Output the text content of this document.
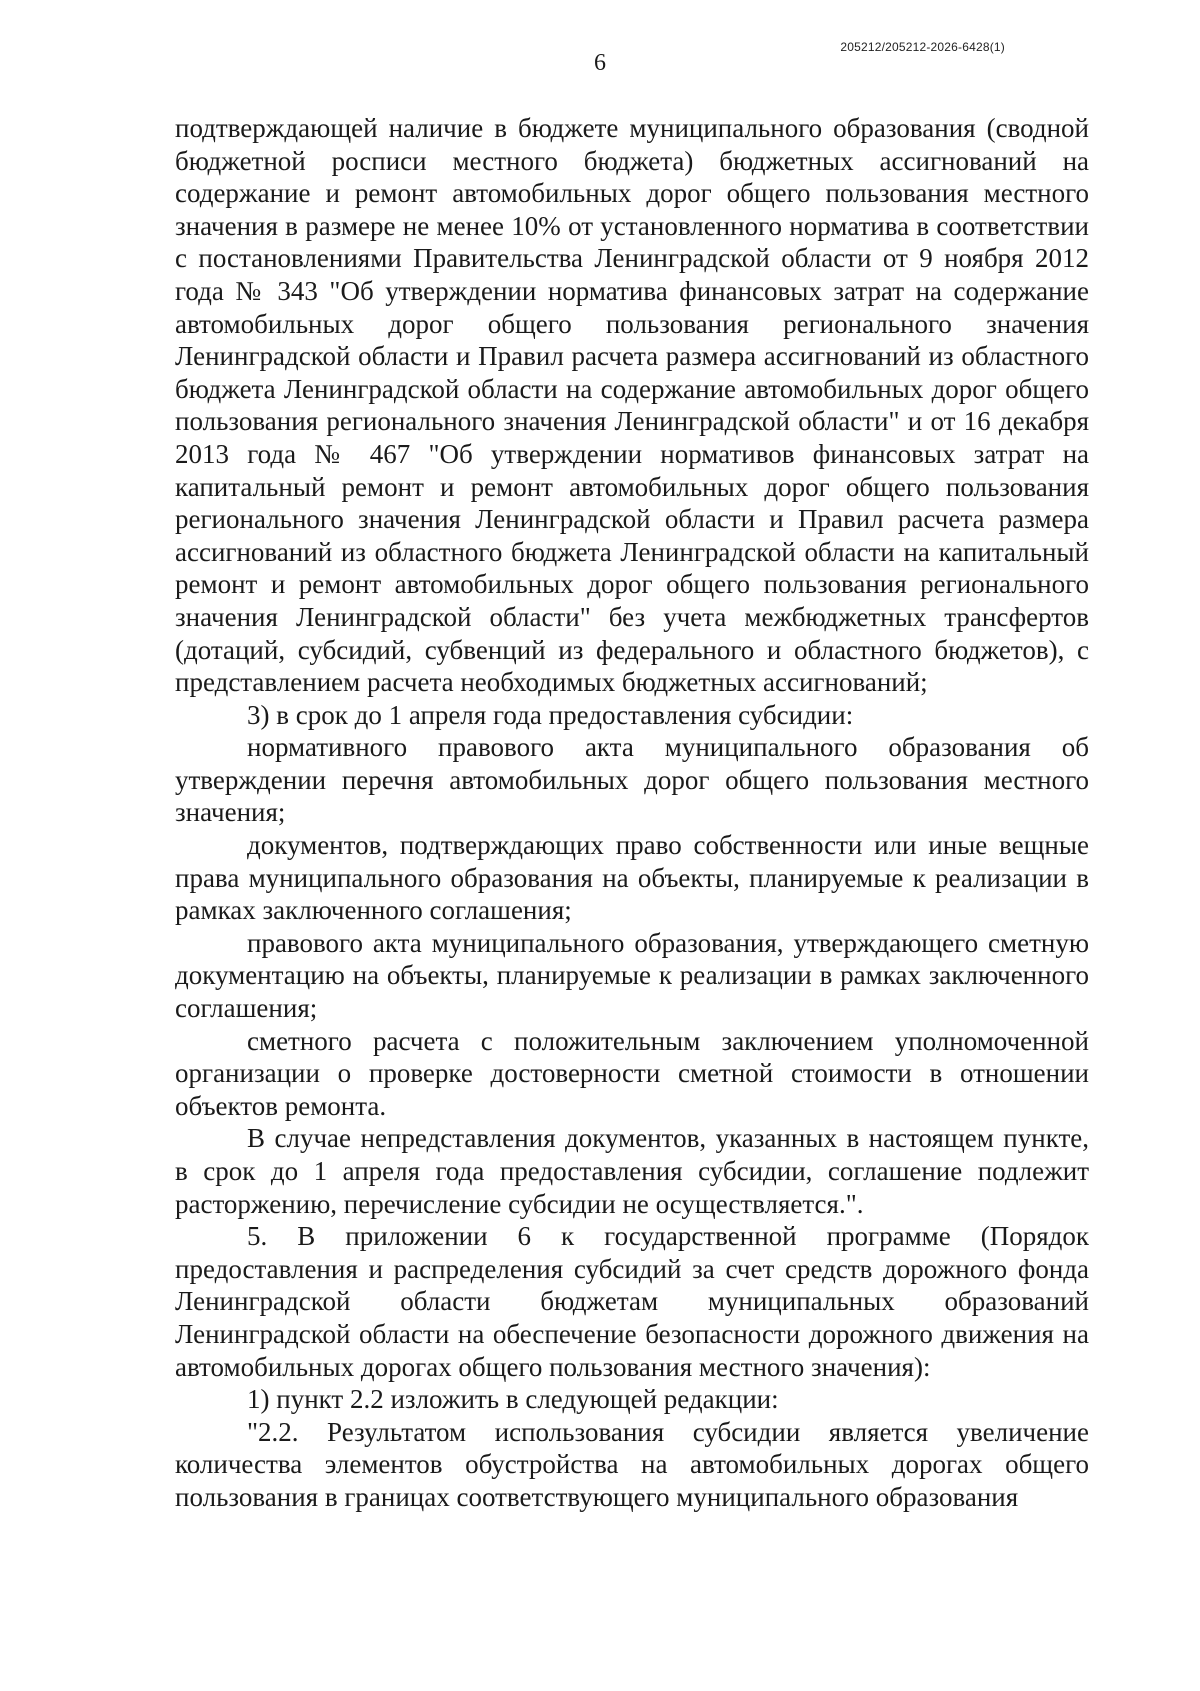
205212/205212-2026-6428(1)
6

подтверждающей наличие в бюджете муниципального образования (сводной бюджетной росписи местного бюджета) бюджетных ассигнований на содержание и ремонт автомобильных дорог общего пользования местного значения в размере не менее 10% от установленного норматива в соответствии с постановлениями Правительства Ленинградской области от 9 ноября 2012 года № 343 "Об утверждении норматива финансовых затрат на содержание автомобильных дорог общего пользования регионального значения Ленинградской области и Правил расчета размера ассигнований из областного бюджета Ленинградской области на содержание автомобильных дорог общего пользования регионального значения Ленинградской области" и от 16 декабря 2013 года № 467 "Об утверждении нормативов финансовых затрат на капитальный ремонт и ремонт автомобильных дорог общего пользования регионального значения Ленинградской области и Правил расчета размера ассигнований из областного бюджета Ленинградской области на капитальный ремонт и ремонт автомобильных дорог общего пользования регионального значения Ленинградской области" без учета межбюджетных трансфертов (дотаций, субсидий, субвенций из федерального и областного бюджетов), с представлением расчета необходимых бюджетных ассигнований;

3) в срок до 1 апреля года предоставления субсидии:

нормативного правового акта муниципального образования об утверждении перечня автомобильных дорог общего пользования местного значения;

документов, подтверждающих право собственности или иные вещные права муниципального образования на объекты, планируемые к реализации в рамках заключенного соглашения;

правового акта муниципального образования, утверждающего сметную документацию на объекты, планируемые к реализации в рамках заключенного соглашения;

сметного расчета с положительным заключением уполномоченной организации о проверке достоверности сметной стоимости в отношении объектов ремонта.

В случае непредставления документов, указанных в настоящем пункте, в срок до 1 апреля года предоставления субсидии, соглашение подлежит расторжению, перечисление субсидии не осуществляется.".

5. В приложении 6 к государственной программе (Порядок предоставления и распределения субсидий за счет средств дорожного фонда Ленинградской области бюджетам муниципальных образований Ленинградской области на обеспечение безопасности дорожного движения на автомобильных дорогах общего пользования местного значения):

1) пункт 2.2 изложить в следующей редакции:

"2.2. Результатом использования субсидии является увеличение количества элементов обустройства на автомобильных дорогах общего пользования в границах соответствующего муниципального образования
